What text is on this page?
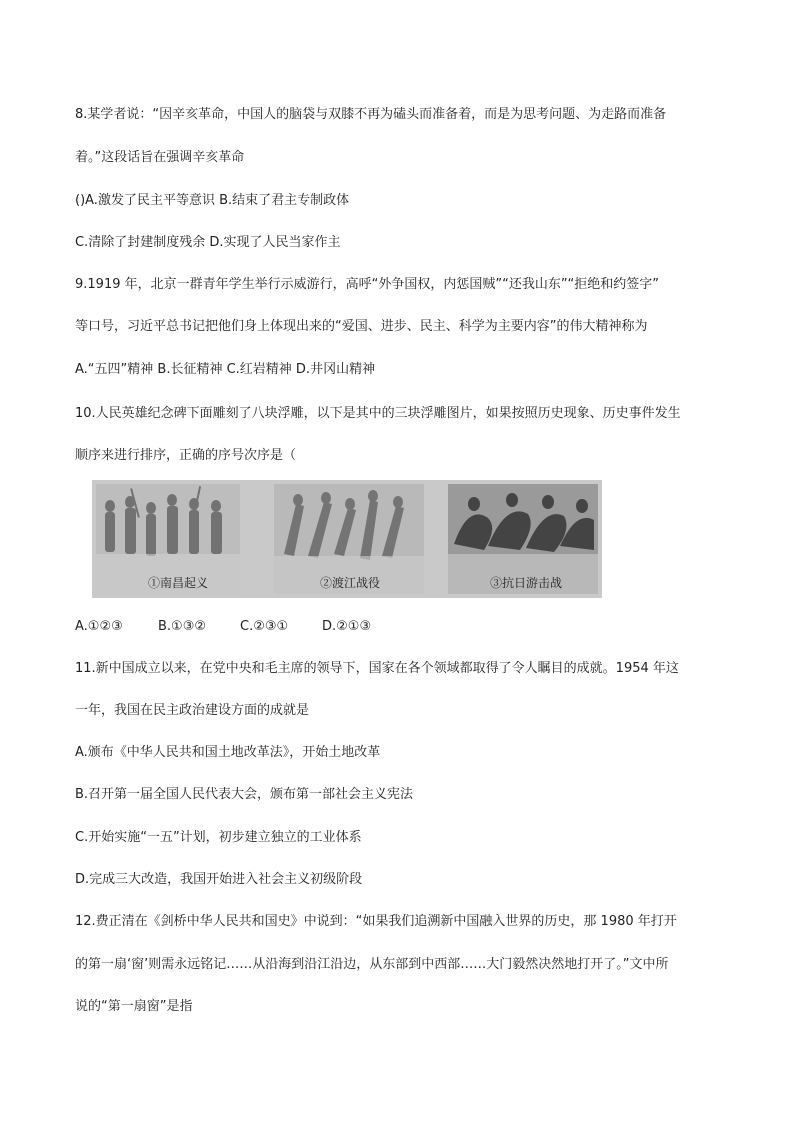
8.某学者说：“因辛亥革命，中国人的脑袋与双膝不再为磕头而准备着，而是为思考问题、为走路而准备
着。”这段话旨在强调辛亥革命
()A.激发了民主平等意识 B.结束了君主专制政体
C.清除了封建制度残余 D.实现了人民当家作主
9.1919 年，北京一群青年学生举行示威游行，高呼“外争国权，内惩国贼”“还我山东”“拒绝和约签字”
等口号，习近平总书记把他们身上体现出来的“爱国、进步、民主、科学为主要内容”的伟大精神称为
A.“五四”精神 B.长征精神 C.红岩精神 D.井冈山精神
10.人民英雄纪念碑下面雕刻了八块浮雕，以下是其中的三块浮雕图片，如果按照历史现象、历史事件发生
顺序来进行排序，正确的序号次序是（
①南昌起义	②渡江战役	③抗日游击战
A.①②③	B.①③②	C.②③①	D.②①③
11.新中国成立以来，在党中央和毛主席的领导下，国家在各个领域都取得了令人瞩目的成就。1954 年这
一年，我国在民主政治建设方面的成就是
A.颁布《中华人民共和国土地改革法》，开始土地改革
B.召开第一届全国人民代表大会，颁布第一部社会主义宪法
C.开始实施“一五”计划，初步建立独立的工业体系
D.完成三大改造，我国开始进入社会主义初级阶段
12.费正清在《剑桥中华人民共和国史》中说到：“如果我们追溯新中国融入世界的历史，那 1980 年打开
的第一扇‘窗’则需永远铭记……从沿海到沿江沿边，从东部到中西部……大门毅然决然地打开了。”文中所
说的“第一扇窗”是指
